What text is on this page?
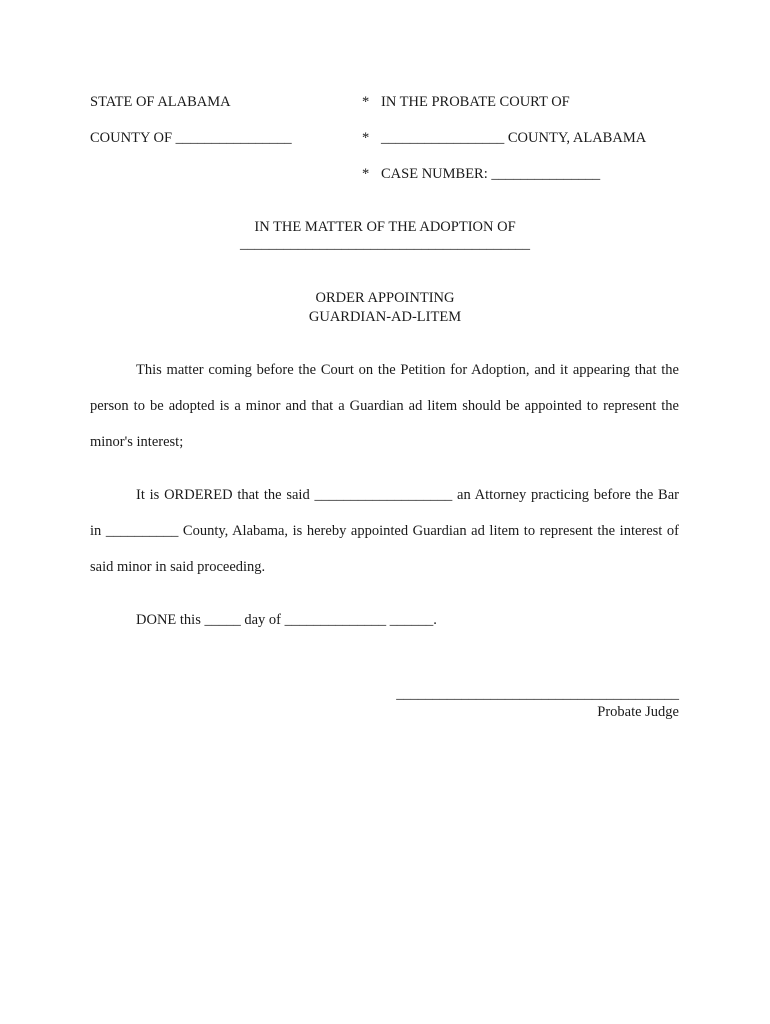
STATE OF ALABAMA	* IN THE PROBATE COURT OF
COUNTY OF ________________	* _________________ COUNTY, ALABAMA
* CASE NUMBER: _______________
IN THE MATTER OF THE ADOPTION OF
________________________________________
ORDER APPOINTING
GUARDIAN-AD-LITEM
This matter coming before the Court on the Petition for Adoption, and it appearing that the person to be adopted is a minor and that a Guardian ad litem should be appointed to represent the minor's interest;
It is ORDERED that the said ___________________ an Attorney practicing before the Bar in __________ County, Alabama, is hereby appointed Guardian ad litem to represent the interest of said minor in said proceeding.
DONE this _____ day of ______________ ______.
_______________________________________
Probate Judge
